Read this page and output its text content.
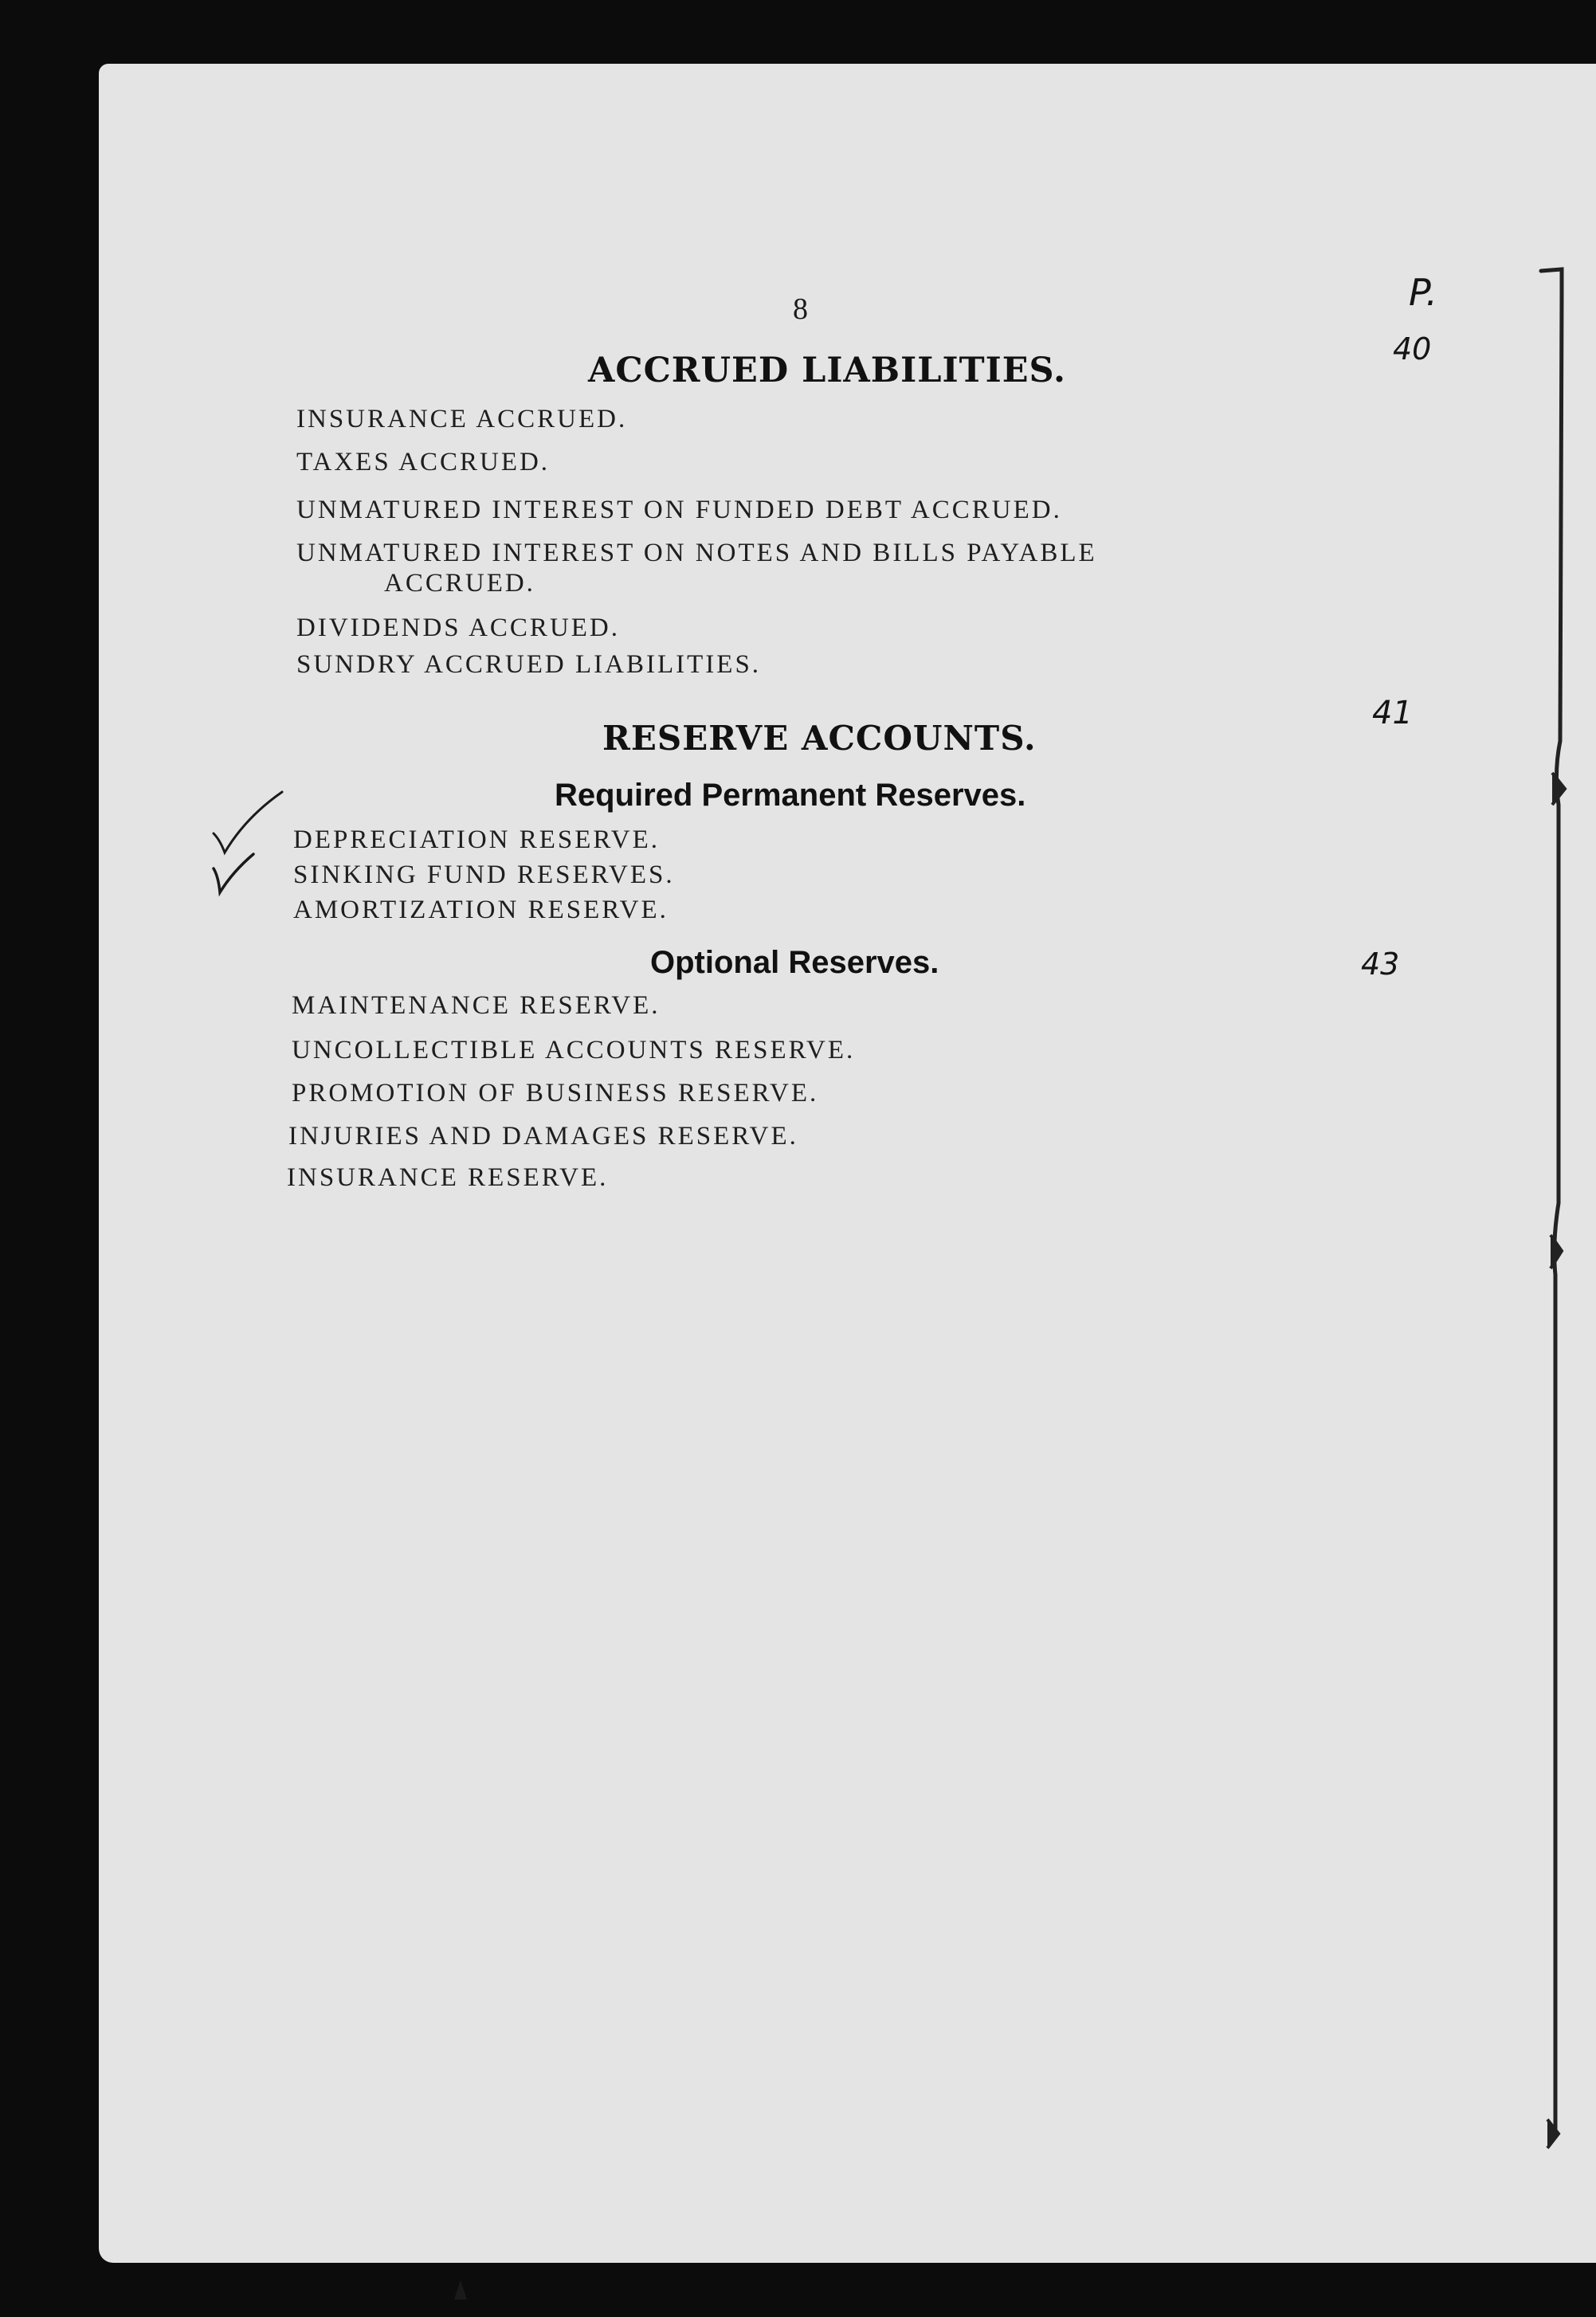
8	P.
40
41
43
ACCRUED LIABILITIES.
INSURANCE ACCRUED.
TAXES ACCRUED.
UNMATURED INTEREST ON FUNDED DEBT ACCRUED.
UNMATURED INTEREST ON NOTES AND BILLS PAYABLE
ACCRUED.
DIVIDENDS ACCRUED.
SUNDRY ACCRUED LIABILITIES.
RESERVE ACCOUNTS.
Required Permanent Reserves.
DEPRECIATION RESERVE.
SINKING FUND RESERVES.
AMORTIZATION RESERVE.
Optional Reserves.
MAINTENANCE RESERVE.
UNCOLLECTIBLE ACCOUNTS RESERVE.
PROMOTION OF BUSINESS RESERVE.
INJURIES AND DAMAGES RESERVE.
INSURANCE RESERVE.
